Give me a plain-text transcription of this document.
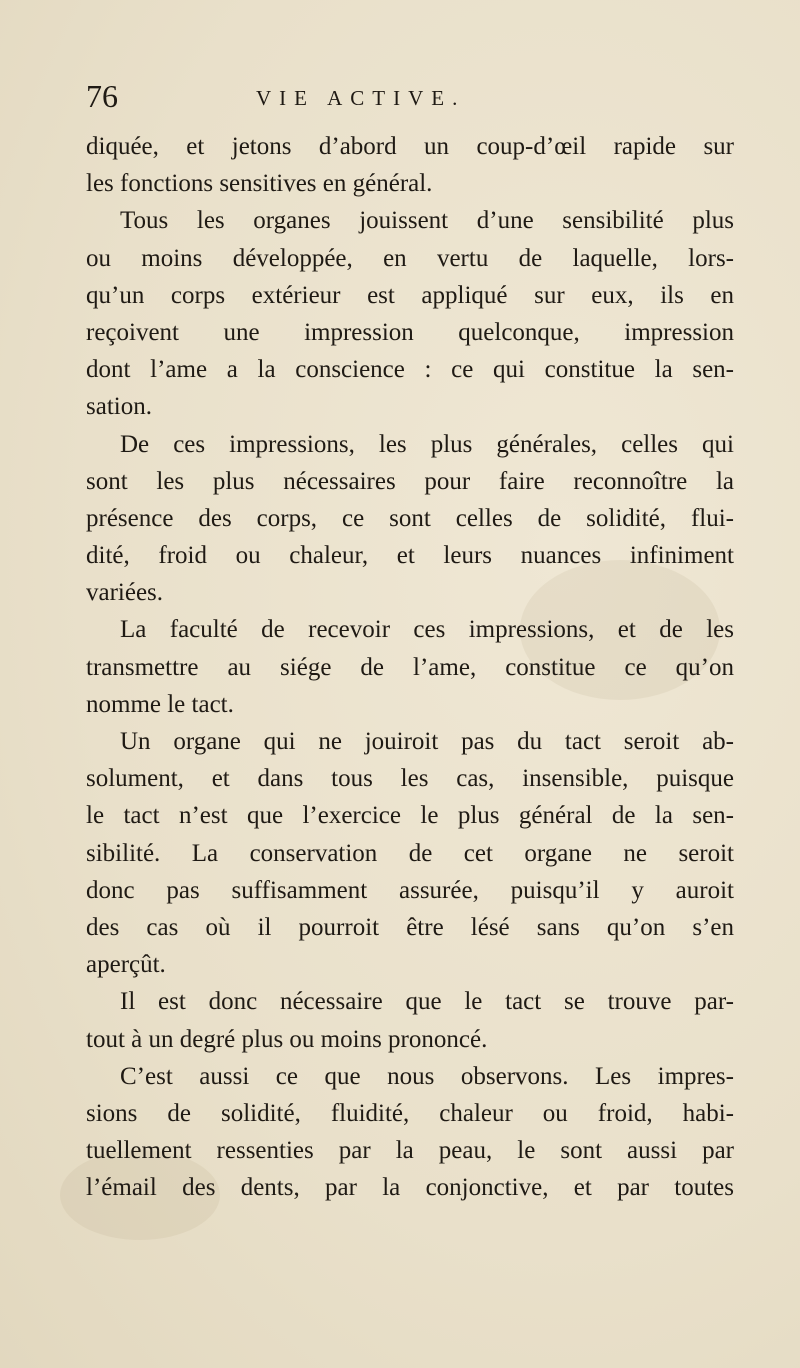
76	VIE ACTIVE.
diquée, et jetons d’abord un coup-d’œil rapide sur
les fonctions sensitives en général.
Tous les organes jouissent d’une sensibilité plus
ou moins développée, en vertu de laquelle, lors-
qu’un corps extérieur est appliqué sur eux, ils en
reçoivent une impression quelconque, impression
dont l’ame a la conscience : ce qui constitue la sen-
sation.
De ces impressions, les plus générales, celles qui
sont les plus nécessaires pour faire reconnoître la
présence des corps, ce sont celles de solidité, flui-
dité, froid ou chaleur, et leurs nuances infiniment
variées.
La faculté de recevoir ces impressions, et de les
transmettre au siége de l’ame, constitue ce qu’on
nomme le tact.
Un organe qui ne jouiroit pas du tact seroit ab-
solument, et dans tous les cas, insensible, puisque
le tact n’est que l’exercice le plus général de la sen-
sibilité. La conservation de cet organe ne seroit
donc pas suffisamment assurée, puisqu’il y auroit
des cas où il pourroit être lésé sans qu’on s’en
aperçût.
Il est donc nécessaire que le tact se trouve par-
tout à un degré plus ou moins prononcé.
C’est aussi ce que nous observons. Les impres-
sions de solidité, fluidité, chaleur ou froid, habi-
tuellement ressenties par la peau, le sont aussi par
l’émail des dents, par la conjonctive, et par toutes
